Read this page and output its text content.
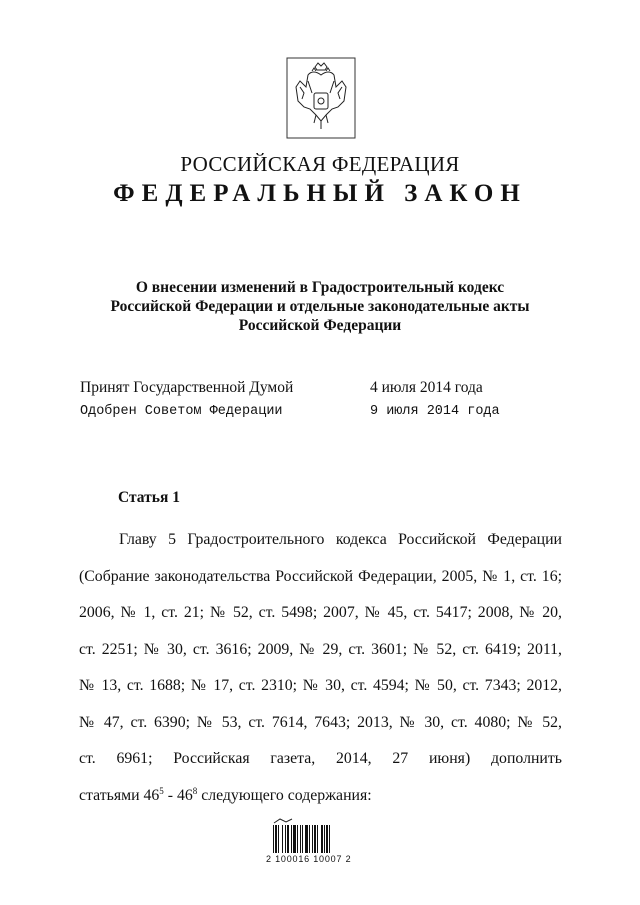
РОССИЙСКАЯ ФЕДЕРАЦИЯ
ФЕДЕРАЛЬНЫЙ ЗАКОН
О внесении изменений в Градостроительный кодекс
Российской Федерации и отдельные законодательные акты
Российской Федерации
Принят Государственной Думой	4 июля 2014 года
Одобрен Советом Федерации	9 июля 2014 года
Статья 1
Главу 5 Градостроительного кодекса Российской Федерации
(Собрание законодательства Российской Федерации, 2005, № 1, ст. 16;
2006, № 1, ст. 21; № 52, ст. 5498; 2007, № 45, ст. 5417; 2008, № 20,
ст. 2251; № 30, ст. 3616; 2009, № 29, ст. 3601; № 52, ст. 6419; 2011,
№ 13, ст. 1688; № 17, ст. 2310; № 30, ст. 4594; № 50, ст. 7343; 2012,
№ 47, ст. 6390; № 53, ст. 7614, 7643; 2013, № 30, ст. 4080; № 52,
ст. 6961; Российская газета, 2014, 27 июня) дополнить
статьями $46^5 - 46^8$ следующего содержания:
2 100016 10007 2
